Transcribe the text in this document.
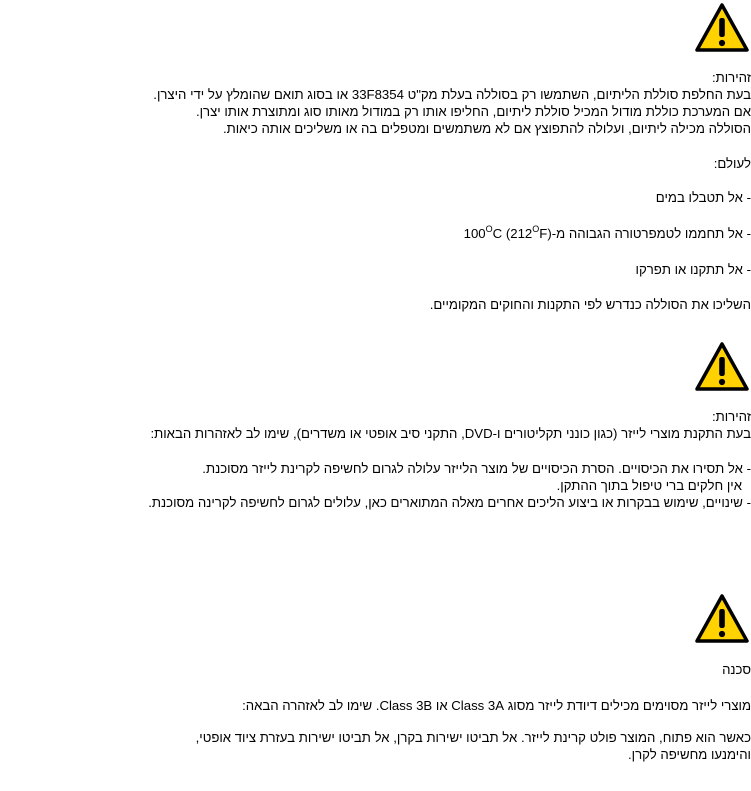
זהירות:
בעת החלפת סוללת הליתיום, השתמשו רק בסוללה בעלת מק"ט 33F8354 או בסוג תואם שהומלץ על ידי היצרן.
אם המערכת כוללת מודול המכיל סוללת ליתיום, החליפו אותו רק במודול מאותו סוג ומתוצרת אותו יצרן.
הסוללה מכילה ליתיום, ועלולה להתפוצץ אם לא משתמשים ומטפלים בה או משליכים אותה כיאות.
לעולם:
- אל תטבלו במים
- אל תחממו לטמפרטורה הגבוהה $מ-100^OC$ $(212^OF)$
- אל תתקנו או תפרקו
השליכו את הסוללה כנדרש לפי התקנות והחוקים המקומיים.
זהירות:
בעת התקנת מוצרי לייזר (כגון כונני תקליטורים ו-DVD, התקני סיב אופטי או משדרים), שימו לב לאזהרות הבאות:
- אל תסירו את הכיסויים. הסרת הכיסויים של מוצר הלייזר עלולה לגרום לחשיפה לקרינת לייזר מסוכנת.
אין חלקים ברי טיפול בתוך ההתקן.
- שינויים, שימוש בבקרות או ביצוע הליכים אחרים מאלה המתוארים כאן, עלולים לגרום לחשיפה לקרינה מסוכנת.
סכנה
מוצרי לייזר מסוימים מכילים דיודת לייזר מסוג Class 3A או Class 3B. שימו לב לאזהרה הבאה:
כאשר הוא פתוח, המוצר פולט קרינת לייזר. אל תביטו ישירות בקרן, אל תביטו ישירות בעזרת ציוד אופטי,
והימנעו מחשיפה לקרן.
